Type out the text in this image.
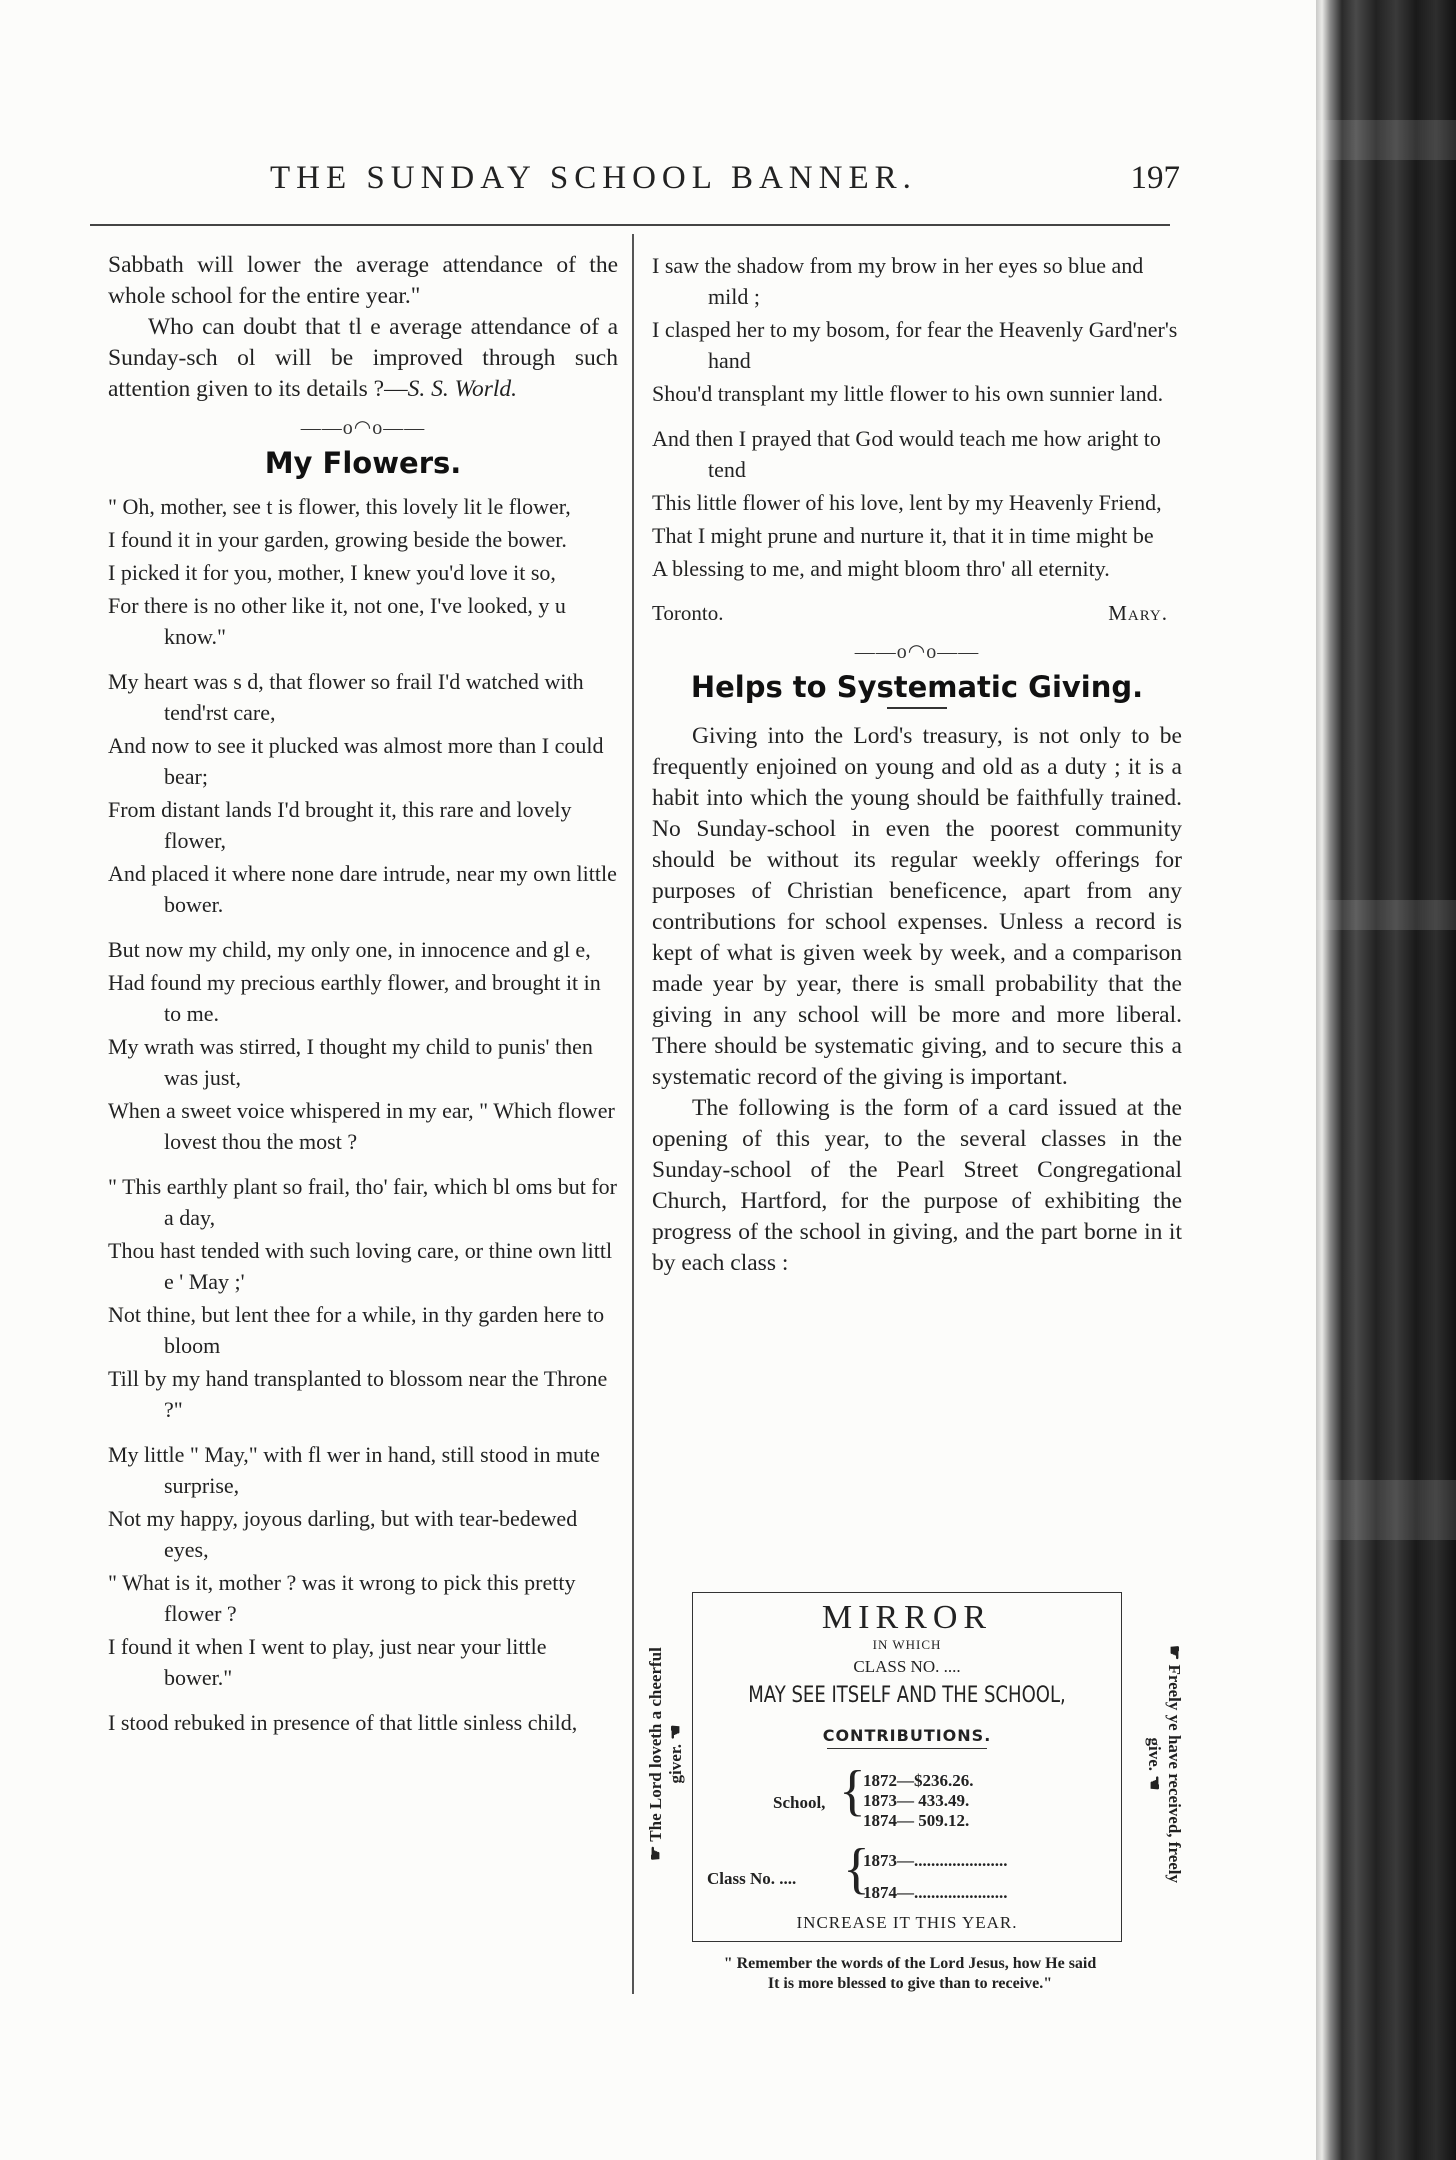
THE SUNDAY SCHOOL BANNER.	197

Sabbath will lower the average attendance of the whole school for the entire year."

Who can doubt that tl e average attendance of a Sunday-sch ol will be improved through such attention given to its details ?—S. S. World.

——o◠o——
My Flowers.

" Oh, mother, see t is flower, this lovely lit le flower,

I found it in your garden, growing beside the bower.

I picked it for you, mother, I knew you'd love it so,

For there is no other like it, not one, I've looked, y u know."

My heart was s d, that flower so frail I'd watched with tend'rst care,

And now to see it plucked was almost more than I could bear;

From distant lands I'd brought it, this rare and lovely flower,

And placed it where none dare intrude, near my own little bower.

But now my child, my only one, in innocence and gl e,

Had found my precious earthly flower, and brought it in to me.

My wrath was stirred, I thought my child to punis' then was just,

When a sweet voice whispered in my ear, " Which flower lovest thou the most ?

" This earthly plant so frail, tho' fair, which bl oms but for a day,

Thou hast tended with such loving care, or thine own littl e ' May ;'

Not thine, but lent thee for a while, in thy garden here to bloom

Till by my hand transplanted to blossom near the Throne ?"

My little " May," with fl wer in hand, still stood in mute surprise,

Not my happy, joyous darling, but with tear-bedewed eyes,

" What is it, mother ? was it wrong to pick this pretty flower ?

I found it when I went to play, just near your little bower."

I stood rebuked in presence of that little sinless child,

I saw the shadow from my brow in her eyes so blue and mild ;

I clasped her to my bosom, for fear the Heavenly Gard'ner's hand

Shou'd transplant my little flower to his own sunnier land.

And then I prayed that God would teach me how aright to tend

This little flower of his love, lent by my Heavenly Friend,

That I might prune and nurture it, that it in time might be

A blessing to me, and might bloom thro' all eternity.

Toronto.	Mary.
——o◠o——
Helps to Systematic Giving.

Giving into the Lord's treasury, is not only to be frequently enjoined on young and old as a duty ; it is a habit into which the young should be faithfully trained. No Sunday-school in even the poorest community should be without its regular weekly offerings for purposes of Christian beneficence, apart from any contributions for school expenses. Unless a record is kept of what is given week by week, and a comparison made year by year, there is small probability that the giving in any school will be more and more liberal. There should be systematic giving, and to secure this a systematic record of the giving is important.

The following is the form of a card issued at the opening of this year, to the several classes in the Sunday-school of the Pearl Street Congregational Church, Hartford, for the purpose of exhibiting the progress of the school in giving, and the part borne in it by each class :

☛ The Lord loveth a cheerful giver. ☚
MIRROR
IN WHICH
CLASS NO. ....
MAY SEE ITSELF AND THE SCHOOL,
CONTRIBUTIONS.
School, {
1872—$236.26.
1873— 433.49.
1874— 509.12.
Class No. .... {
1873—......................
1874—......................
INCREASE IT THIS YEAR.
☛ Freely ye have received, freely
give. ☚
" Remember the words of the Lord Jesus, how He said
It is more blessed to give than to receive."
